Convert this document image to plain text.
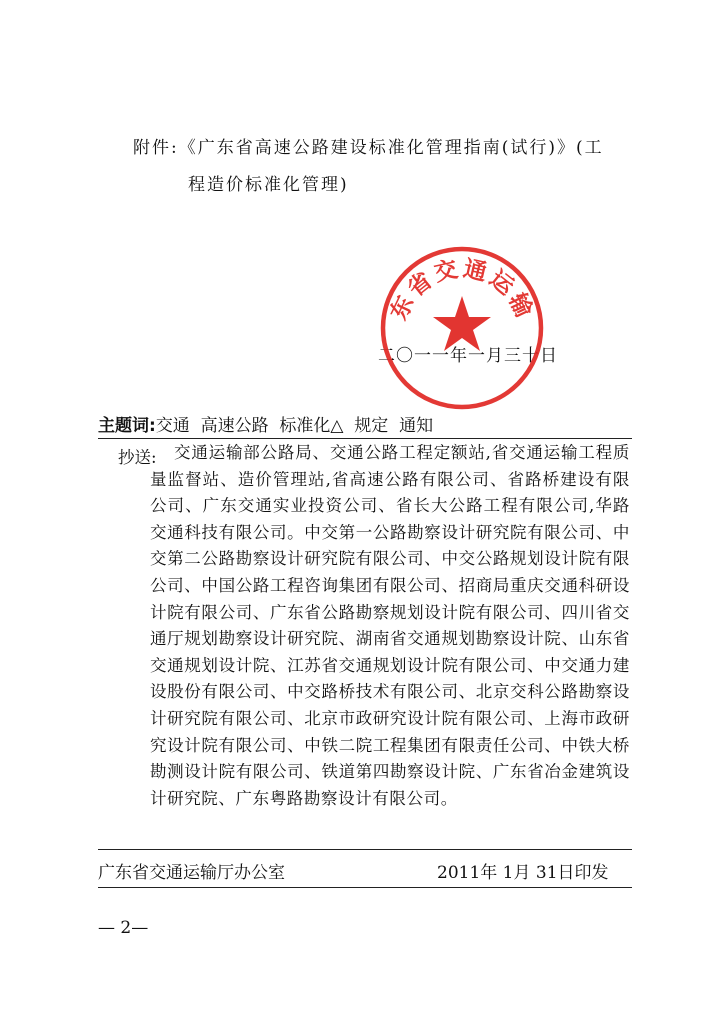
附件:《广东省高速公路建设标准化管理指南(试行)》(工
程造价标准化管理)
二〇一一年一月三十日
东省交通运输
主题词:交通  高速公路  标准化△  规定  通知
抄送:	交通运输部公路局、交通公路工程定额站,省交通运输工程质量监督站、造价管理站,省高速公路有限公司、省路桥建设有限公司、广东交通实业投资公司、省长大公路工程有限公司,华路交通科技有限公司。中交第一公路勘察设计研究院有限公司、中交第二公路勘察设计研究院有限公司、中交公路规划设计院有限公司、中国公路工程咨询集团有限公司、招商局重庆交通科研设计院有限公司、广东省公路勘察规划设计院有限公司、四川省交通厅规划勘察设计研究院、湖南省交通规划勘察设计院、山东省交通规划设计院、江苏省交通规划设计院有限公司、中交通力建设股份有限公司、中交路桥技术有限公司、北京交科公路勘察设计研究院有限公司、北京市政研究设计院有限公司、上海市政研究设计院有限公司、中铁二院工程集团有限责任公司、中铁大桥勘测设计院有限公司、铁道第四勘察设计院、广东省冶金建筑设计研究院、广东粤路勘察设计有限公司。
广东省交通运输厅办公室	2011年 1月 31日印发
— 2—
